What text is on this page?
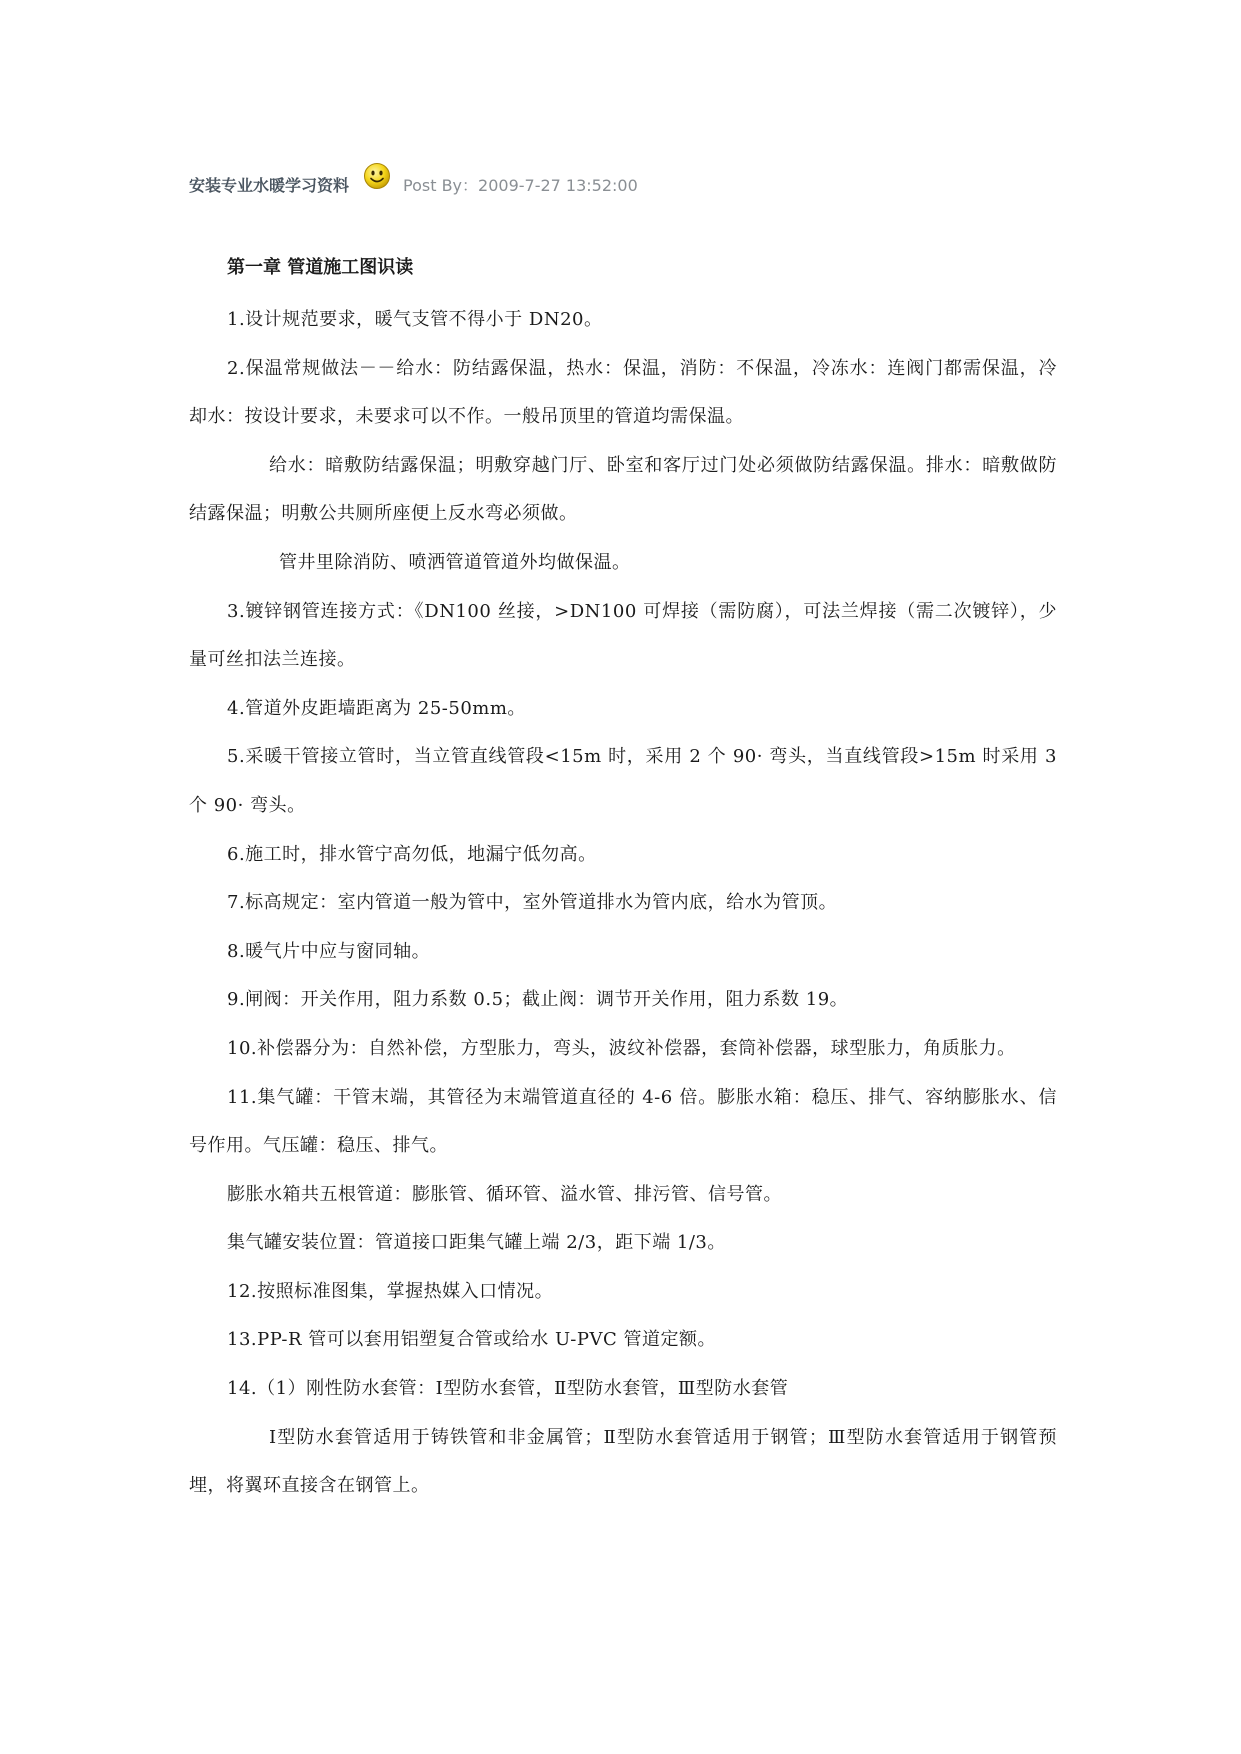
安装专业水暖学习资料	Post By：2009-7-27 13:52:00
第一章 管道施工图识读

1.设计规范要求，暖气支管不得小于 DN20。

2.保温常规做法－－给水：防结露保温，热水：保温，消防：不保温，冷冻水：连阀门都需保温，冷却水：按设计要求，未要求可以不作。一般吊顶里的管道均需保温。

给水：暗敷防结露保温；明敷穿越门厅、卧室和客厅过门处必须做防结露保温。排水：暗敷做防结露保温；明敷公共厕所座便上反水弯必须做。

管井里除消防、喷洒管道管道外均做保温。

3.镀锌钢管连接方式：《DN100 丝接，>DN100 可焊接（需防腐），可法兰焊接（需二次镀锌），少量可丝扣法兰连接。

4.管道外皮距墙距离为 25-50mm。

5.采暖干管接立管时，当立管直线管段<15m 时，采用 2 个 90· 弯头，当直线管段>15m 时采用 3 个 90· 弯头。

6.施工时，排水管宁高勿低，地漏宁低勿高。

7.标高规定：室内管道一般为管中，室外管道排水为管内底，给水为管顶。

8.暖气片中应与窗同轴。

9.闸阀：开关作用，阻力系数 0.5；截止阀：调节开关作用，阻力系数 19。

10.补偿器分为：自然补偿，方型胀力，弯头，波纹补偿器，套筒补偿器，球型胀力，角质胀力。

11.集气罐：干管末端，其管径为末端管道直径的 4-6 倍。膨胀水箱：稳压、排气、容纳膨胀水、信号作用。气压罐：稳压、排气。

膨胀水箱共五根管道：膨胀管、循环管、溢水管、排污管、信号管。

集气罐安装位置：管道接口距集气罐上端 2/3，距下端 1/3。

12.按照标准图集，掌握热媒入口情况。

13.PP-R 管可以套用铝塑复合管或给水 U-PVC 管道定额。

14.（1）刚性防水套管：Ⅰ型防水套管，Ⅱ型防水套管，Ⅲ型防水套管

Ⅰ型防水套管适用于铸铁管和非金属管；Ⅱ型防水套管适用于钢管；Ⅲ型防水套管适用于钢管预埋，将翼环直接含在钢管上。
